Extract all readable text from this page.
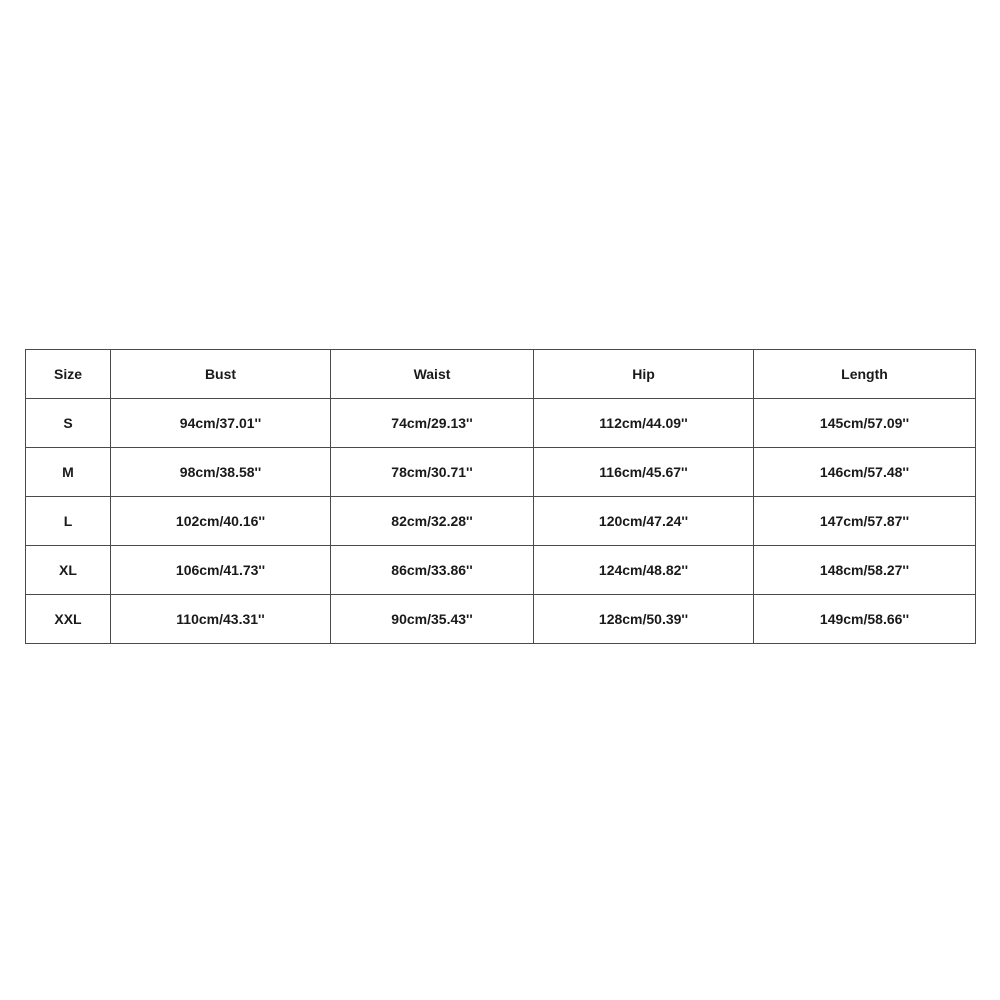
Size	Bust	Waist	Hip	Length
S	94cm/37.01''	74cm/29.13''	112cm/44.09''	145cm/57.09''
M	98cm/38.58''	78cm/30.71''	116cm/45.67''	146cm/57.48''
L	102cm/40.16''	82cm/32.28''	120cm/47.24''	147cm/57.87''
XL	106cm/41.73''	86cm/33.86''	124cm/48.82''	148cm/58.27''
XXL	110cm/43.31''	90cm/35.43''	128cm/50.39''	149cm/58.66''
